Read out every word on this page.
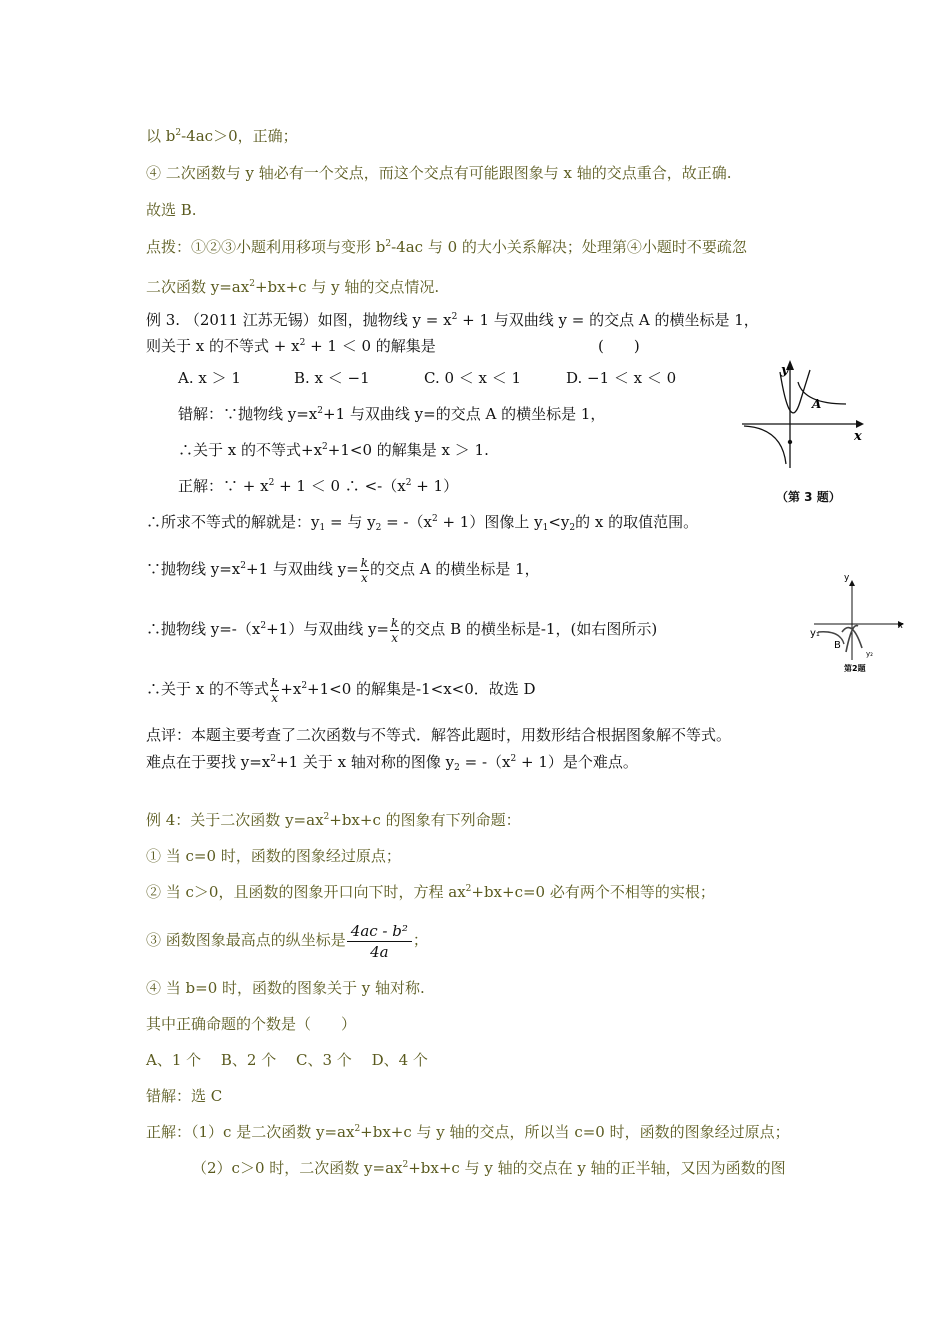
以 $b^2-4ac>0$，正确；
④ 二次函数与 y 轴必有一个交点，而这个交点有可能跟图象与 x 轴的交点重合，故正确.
故选 B.
点拨：①②③小题利用移项与变形 $b^2-4ac$ 与 0 的大小关系解决；处理第④小题时不要疏忽
二次函数 $y=ax^2+bx+c$ 与 y 轴的交点情况.
例 3. （2011 江苏无锡）如图，抛物线 $y = x^2 + 1$ 与双曲线 y = 的交点 A 的横坐标是 1，
则关于 x 的不等式 + $x^2 + 1 < 0$ 的解集是	(　　)
A. x ＞ 1	B. x ＜ −1	C. 0 ＜ x ＜ 1	D. −1 ＜ x ＜ 0
错解：∵抛物线 $y=x^2+1$ 与双曲线 y=的交点 A 的横坐标是 1，
∴关于 x 的不等式$+x^2+1<0$ 的解集是 x ＞ 1.
正解：∵ + $x^2 + 1 < 0$ ∴ $<-(x^2 + 1)$
∴所求不等式的解就是：$y_1$ = 与 $y_2 = -(x^2 + 1)$图像上 $y_1<y_2$的 x 的取值范围。
∵抛物线 $y=x^2+1$ 与双曲线 $y= \frac{k}{x}$ 的交点 A 的横坐标是 1，
∴抛物线 $y=-(x^2+1)$与双曲线 $y= \frac{k}{x}$ 的交点 B 的横坐标是-1，(如右图所示)
∴关于 x 的不等式 $\frac{k}{x} +x^2+1<0$ 的解集是-1<x<0．故选 D
点评：本题主要考查了二次函数与不等式．解答此题时，用数形结合根据图象解不等式。
难点在于要找 $y=x^2+1$ 关于 x 轴对称的图像 $y_2 = -(x^2 + 1)$是个难点。
例 4：关于二次函数 $y=ax^2+bx+c$ 的图象有下列命题：
① 当 c=0 时，函数的图象经过原点；
② 当 c＞0，且函数的图象开口向下时，方程 $ax^2+bx+c=0$ 必有两个不相等的实根；
③ 函数图象最高点的纵坐标是 $\frac{\text{4ac - b²}}{4a}$ ；
④ 当 b=0 时，函数的图象关于 y 轴对称.
其中正确命题的个数是（　　）
A、1 个　 B、2 个　 C、3 个　 D、4 个
错解：选 C
正解：（1）c 是二次函数 $y=ax^2+bx+c$ 与 y 轴的交点，所以当 c=0 时，函数的图象经过原点；
（2）c＞0 时，二次函数 $y=ax^2+bx+c$ 与 y 轴的交点在 y 轴的正半轴，又因为函数的图
y
x
A
（第 3 题）
y
x
y₁
B
y₂
第2题
